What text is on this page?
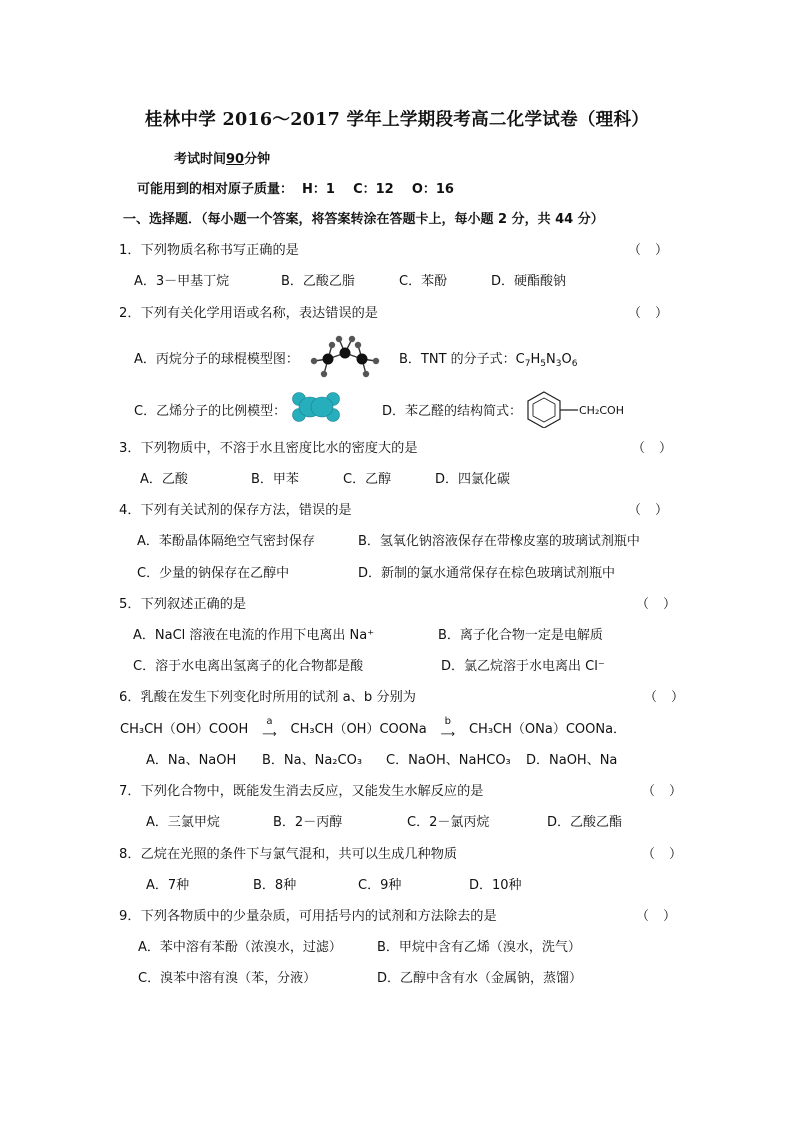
桂林中学 2016～2017 学年上学期段考高二化学试卷（理科）
考试时间90分钟
可能用到的相对原子质量：  H：1    C：12    O：16
一、选择题．（每小题一个答案，将答案转涂在答题卡上，每小题 2 分，共 44 分）
1．下列物质名称书写正确的是	（）
A．3－甲基丁烷	B．乙酸乙脂	C．苯酚	D．硬酯酸钠
2．下列有关化学用语或名称，表达错误的是	（）
A．丙烷分子的球棍模型图：	B．TNT 的分子式：$C_7H_5N_3O_6$
C．乙烯分子的比例模型：	D．苯乙醛的结构简式：	CH₂COH
3．下列物质中，不溶于水且密度比水的密度大的是	（）
A．乙酸	B．甲苯	C．乙醇	D．四氯化碳
4．下列有关试剂的保存方法，错误的是	（）
A．苯酚晶体隔绝空气密封保存	B．氢氧化钠溶液保存在带橡皮塞的玻璃试剂瓶中
C．少量的钠保存在乙醇中	D．新制的氯水通常保存在棕色玻璃试剂瓶中
5．下列叙述正确的是	（）
A．NaCl 溶液在电流的作用下电离出 Na⁺	B．离子化合物一定是电解质
C．溶于水电离出氢离子的化合物都是酸	D．氯乙烷溶于水电离出 Cl⁻
6．乳酸在发生下列变化时所用的试剂 a、b 分别为	（）
CH₃CH（OH）COOH
a
⟶ CH₃CH（OH）COONa
b
⟶ CH₃CH（ONa）COONa．
A．Na、NaOH B．Na、Na₂CO₃ C．NaOH、NaHCO₃ D．NaOH、Na
7．下列化合物中，既能发生消去反应，又能发生水解反应的是	（）
A．三氯甲烷	B．2－丙醇	C．2－氯丙烷	D．乙酸乙酯
8．乙烷在光照的条件下与氯气混和，共可以生成几种物质	（）
A．7种	B．8种	C．9种	D．10种
9．下列各物质中的少量杂质，可用括号内的试剂和方法除去的是	（）
A．苯中溶有苯酚（浓溴水，过滤）	B．甲烷中含有乙烯（溴水，洗气）
C．溴苯中溶有溴（苯，分液）	D．乙醇中含有水（金属钠，蒸馏）
